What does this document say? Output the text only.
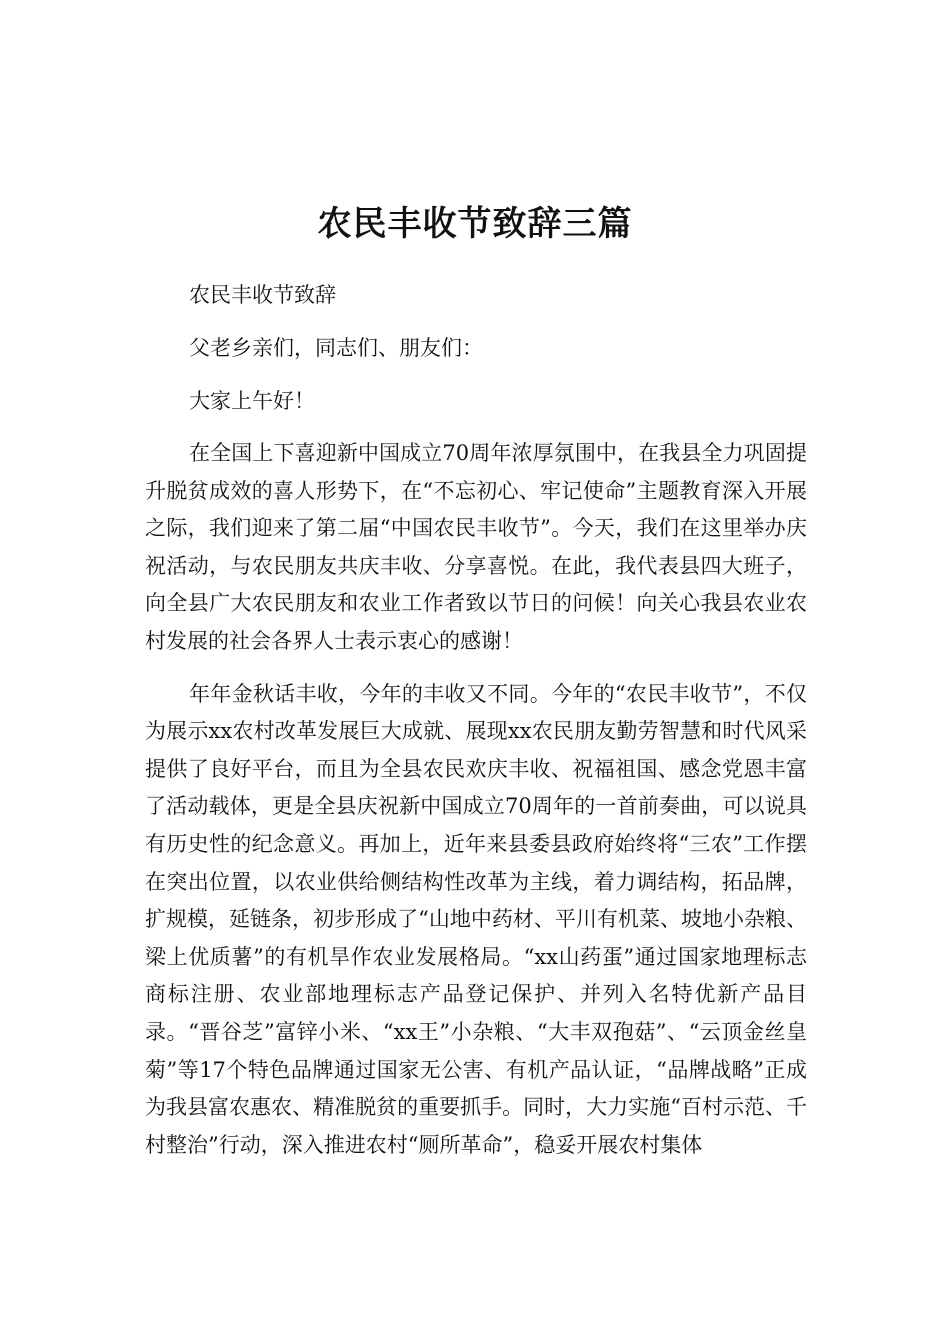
农民丰收节致辞三篇

农民丰收节致辞

父老乡亲们，同志们、朋友们：

大家上午好！

在全国上下喜迎新中国成立70周年浓厚氛围中，在我县全力巩固提升脱贫成效的喜人形势下，在“不忘初心、牢记使命”主题教育深入开展之际，我们迎来了第二届“中国农民丰收节”。今天，我们在这里举办庆祝活动，与农民朋友共庆丰收、分享喜悦。在此，我代表县四大班子，向全县广大农民朋友和农业工作者致以节日的问候！向关心我县农业农村发展的社会各界人士表示衷心的感谢！

年年金秋话丰收，今年的丰收又不同。今年的“农民丰收节”，不仅为展示xx农村改革发展巨大成就、展现xx农民朋友勤劳智慧和时代风采提供了良好平台，而且为全县农民欢庆丰收、祝福祖国、感念党恩丰富了活动载体，更是全县庆祝新中国成立70周年的一首前奏曲，可以说具有历史性的纪念意义。再加上，近年来县委县政府始终将“三农”工作摆在突出位置，以农业供给侧结构性改革为主线，着力调结构，拓品牌，扩规模，延链条，初步形成了“山地中药材、平川有机菜、坡地小杂粮、梁上优质薯”的有机旱作农业发展格局。“xx山药蛋”通过国家地理标志商标注册、农业部地理标志产品登记保护、并列入名特优新产品目录。“晋谷芝”富锌小米、“xx王”小杂粮、“大丰双孢菇”、“云顶金丝皇菊”等17个特色品牌通过国家无公害、有机产品认证，“品牌战略”正成为我县富农惠农、精准脱贫的重要抓手。同时，大力实施“百村示范、千村整治”行动，深入推进农村“厕所革命”，稳妥开展农村集体
